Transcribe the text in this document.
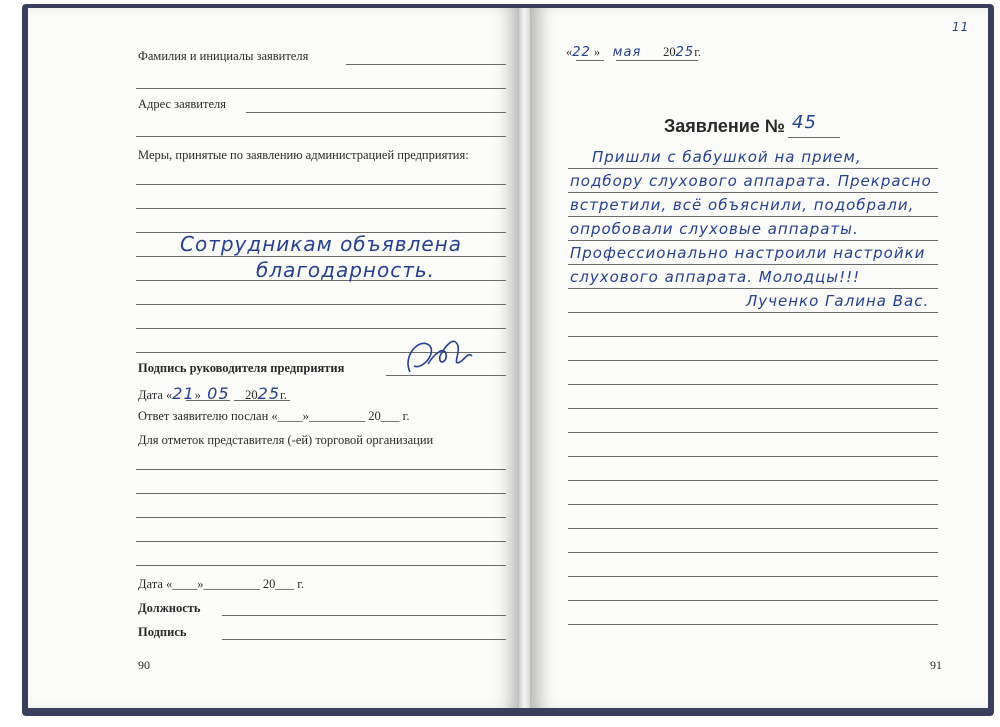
Фамилия и инициалы заявителя
Адрес заявителя
Меры, принятые по заявлению администрацией предприятия:
Сотрудникам объявлена
благодарность.
Подпись руководителя предприятия
Дата «21» 05 2025г.
Ответ заявителю послан «____»_________ 20___ г.
Для отметок представителя (-ей) торговой организации
Дата «____»_________ 20___ г.
Должность
Подпись
90
11
«22 » мая 2025г.
Заявление № 45
Пришли с бабушкой на прием,
подбору слухового аппарата. Прекрасно
встретили, всё объяснили, подобрали,
опробовали слуховые аппараты.
Профессионально настроили настройки
слухового аппарата. Молодцы!!!
Лученко Галина Вас.
91
